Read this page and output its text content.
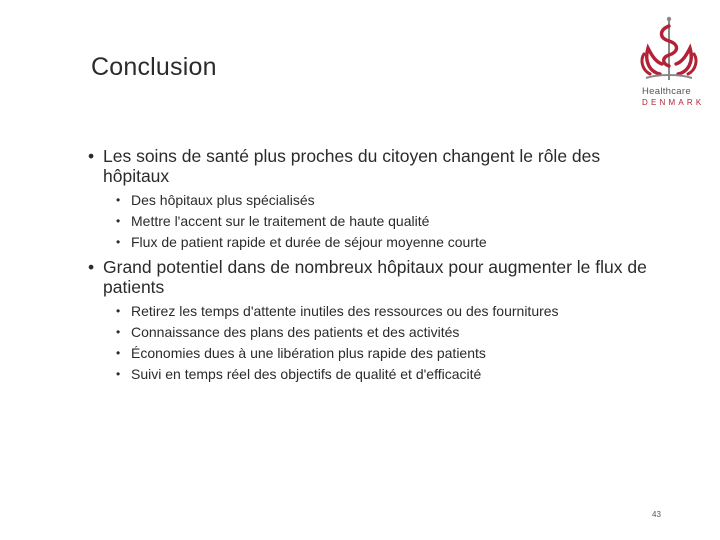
Conclusion
Healthcare
DENMARK
• Les soins de santé plus proches du citoyen changent le rôle des hôpitaux
• Des hôpitaux plus spécialisés
• Mettre l'accent sur le traitement de haute qualité
• Flux de patient rapide et durée de séjour moyenne courte
• Grand potentiel dans de nombreux hôpitaux pour augmenter le flux de patients
• Retirez les temps d'attente inutiles des ressources ou des fournitures
• Connaissance des plans des patients et des activités
• Économies dues à une libération plus rapide des patients
• Suivi en temps réel des objectifs de qualité et d'efficacité
43
